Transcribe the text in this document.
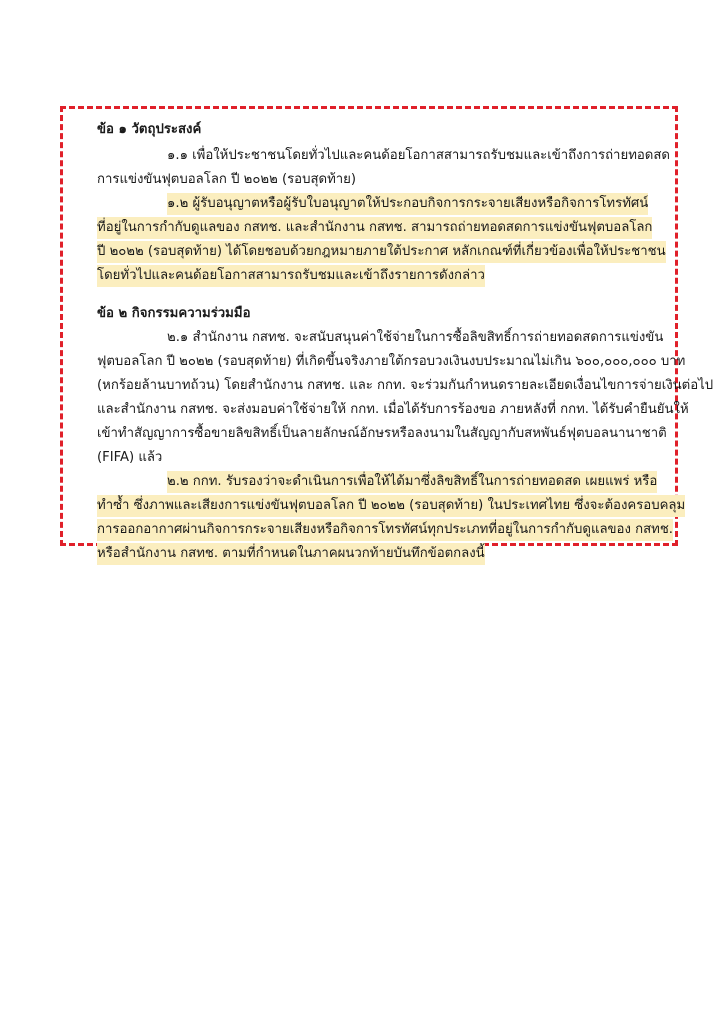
ข้อ ๑ วัตถุประสงค์
๑.๑ เพื่อให้ประชาชนโดยทั่วไปและคนด้อยโอกาสสามารถรับชมและเข้าถึงการถ่ายทอดสด
การแข่งขันฟุตบอลโลก ปี ๒๐๒๒ (รอบสุดท้าย)
๑.๒ ผู้รับอนุญาตหรือผู้รับใบอนุญาตให้ประกอบกิจการกระจายเสียงหรือกิจการโทรทัศน์
ที่อยู่ในการกำกับดูแลของ กสทช. และสำนักงาน กสทช. สามารถถ่ายทอดสดการแข่งขันฟุตบอลโลก
ปี ๒๐๒๒ (รอบสุดท้าย) ได้โดยชอบด้วยกฎหมายภายใต้ประกาศ หลักเกณฑ์ที่เกี่ยวข้องเพื่อให้ประชาชน
โดยทั่วไปและคนด้อยโอกาสสามารถรับชมและเข้าถึงรายการดังกล่าว
ข้อ ๒ กิจกรรมความร่วมมือ
๒.๑ สำนักงาน กสทช. จะสนับสนุนค่าใช้จ่ายในการซื้อลิขสิทธิ์การถ่ายทอดสดการแข่งขัน
ฟุตบอลโลก ปี ๒๐๒๒ (รอบสุดท้าย) ที่เกิดขึ้นจริงภายใต้กรอบวงเงินงบประมาณไม่เกิน ๖๐๐,๐๐๐,๐๐๐ บาท
(หกร้อยล้านบาทถ้วน) โดยสำนักงาน กสทช. และ กกท. จะร่วมกันกำหนดรายละเอียดเงื่อนไขการจ่ายเงินต่อไป
และสำนักงาน กสทช. จะส่งมอบค่าใช้จ่ายให้ กกท. เมื่อได้รับการร้องขอ ภายหลังที่ กกท. ได้รับคำยืนยันให้
เข้าทำสัญญาการซื้อขายลิขสิทธิ์เป็นลายลักษณ์อักษรหรือลงนามในสัญญากับสหพันธ์ฟุตบอลนานาชาติ
(FIFA) แล้ว
๒.๒ กกท. รับรองว่าจะดำเนินการเพื่อให้ได้มาซึ่งลิขสิทธิ์ในการถ่ายทอดสด เผยแพร่ หรือ
ทำซ้ำ ซึ่งภาพและเสียงการแข่งขันฟุตบอลโลก ปี ๒๐๒๒ (รอบสุดท้าย) ในประเทศไทย ซึ่งจะต้องครอบคลุม
การออกอากาศผ่านกิจการกระจายเสียงหรือกิจการโทรทัศน์ทุกประเภทที่อยู่ในการกำกับดูแลของ กสทช.
หรือสำนักงาน กสทช. ตามที่กำหนดในภาคผนวกท้ายบันทึกข้อตกลงนี้
